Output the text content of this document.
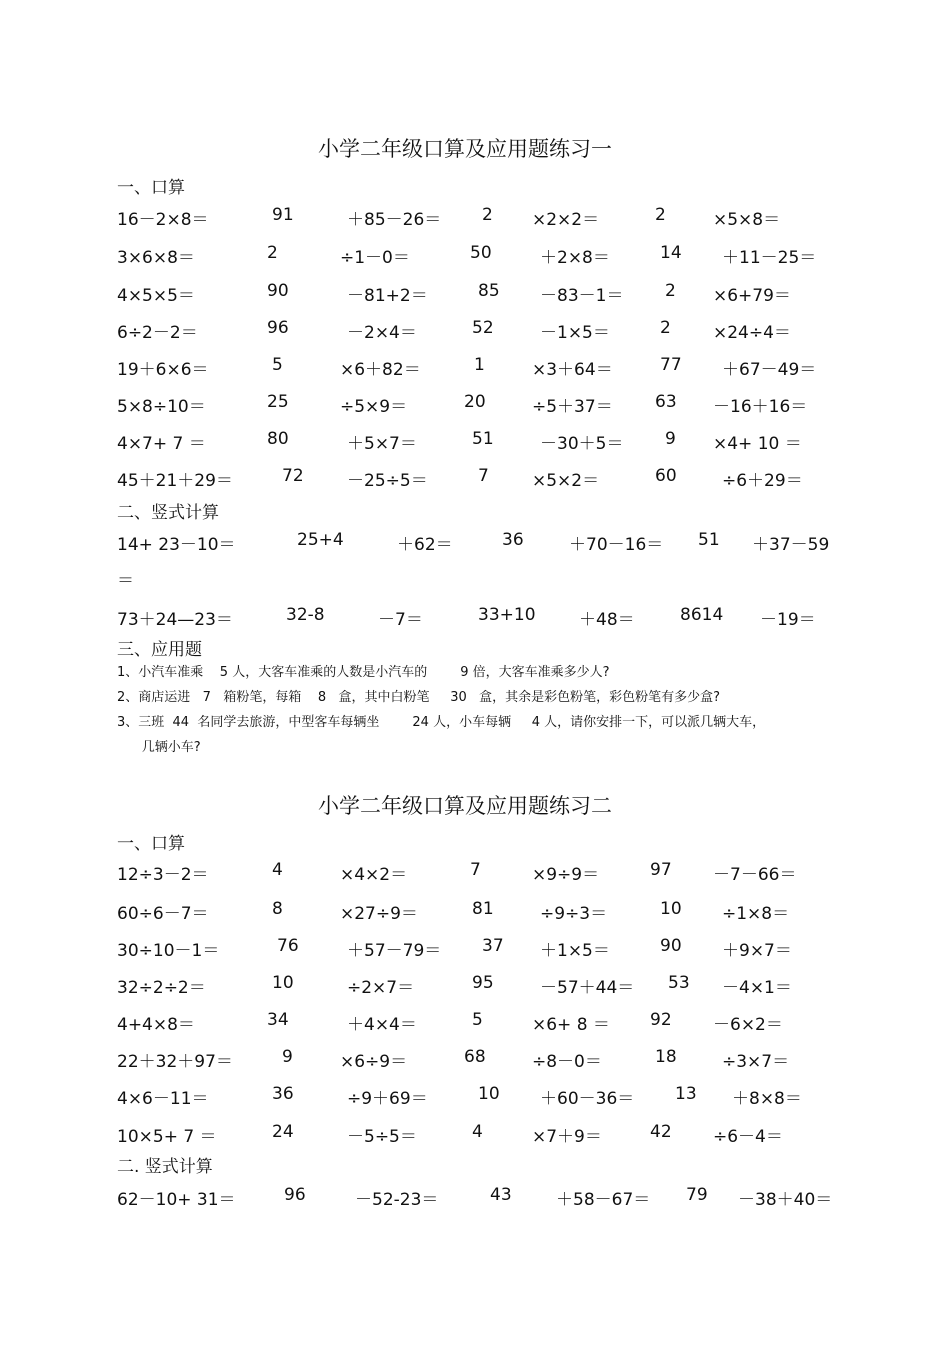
小学二年级口算及应用题练习一
一、口算
16－2×8＝	91	＋85－26＝ 2 ×2×2＝	2	×5×8＝
3×6×8＝	2	÷1－0＝	50	＋2×8＝	14 ＋11－25＝
4×5×5＝	90	－81+2＝	85 －83－1＝ 2 ×6+79＝
6÷2－2＝	96	－2×4＝	52	－1×5＝	2 ×24÷4＝
19＋6×6＝	5	×6＋82＝	1	×3＋64＝	77 ＋67－49＝
5×8÷10＝	25	÷5×9＝	20	÷5＋37＝ 63 －16＋16＝
4×7+ 7 ＝	80	＋5×7＝	51	－30＋5＝ 9 ×4+ 10 ＝
45＋21＋29＝	72	－25÷5＝	7	×5×2＝	60	÷6＋29＝
二、竖式计算
14+ 23－10＝	25+4	＋62＝	36	＋70－16＝ 51 ＋37－59
＝
73＋24—23＝	32-8	－7＝	33+10	＋48＝	8614 －19＝
三、应用题
1、小汽车准乘    5 人，大客车准乘的人数是小汽车的        9 倍，大客车准乘多少人?
2、商店运进   7   箱粉笔，每箱    8   盒，其中白粉笔     30   盒，其余是彩色粉笔，彩色粉笔有多少盒?
3、三班  44  名同学去旅游，中型客车每辆坐        24 人，小车每辆     4 人，请你安排一下，可以派几辆大车，
几辆小车?
小学二年级口算及应用题练习二
一、口算
12÷3－2＝	4	×4×2＝	7	×9÷9＝	97 －7－66＝
60÷6－7＝	8	×27÷9＝	81	÷9÷3＝	10 ÷1×8＝
30÷10－1＝	76	＋57－79＝ 37 ＋1×5＝	90 ＋9×7＝
32÷2÷2＝	10	÷2×7＝	95	－57＋44＝ 53 －4×1＝
4+4×8＝	34	＋4×4＝	5	×6+ 8 ＝ 92 －6×2＝
22＋32＋97＝	9	×6÷9＝	68	÷8－0＝	18	÷3×7＝
4×6－11＝	36	÷9＋69＝	10 ＋60－36＝ 13 ＋8×8＝
10×5+ 7 ＝	24	－5÷5＝	4	×7＋9＝	42 ÷6－4＝
二. 竖式计算
62－10+ 31＝	96	－52-23＝	43	＋58－67＝ 79 －38＋40＝
